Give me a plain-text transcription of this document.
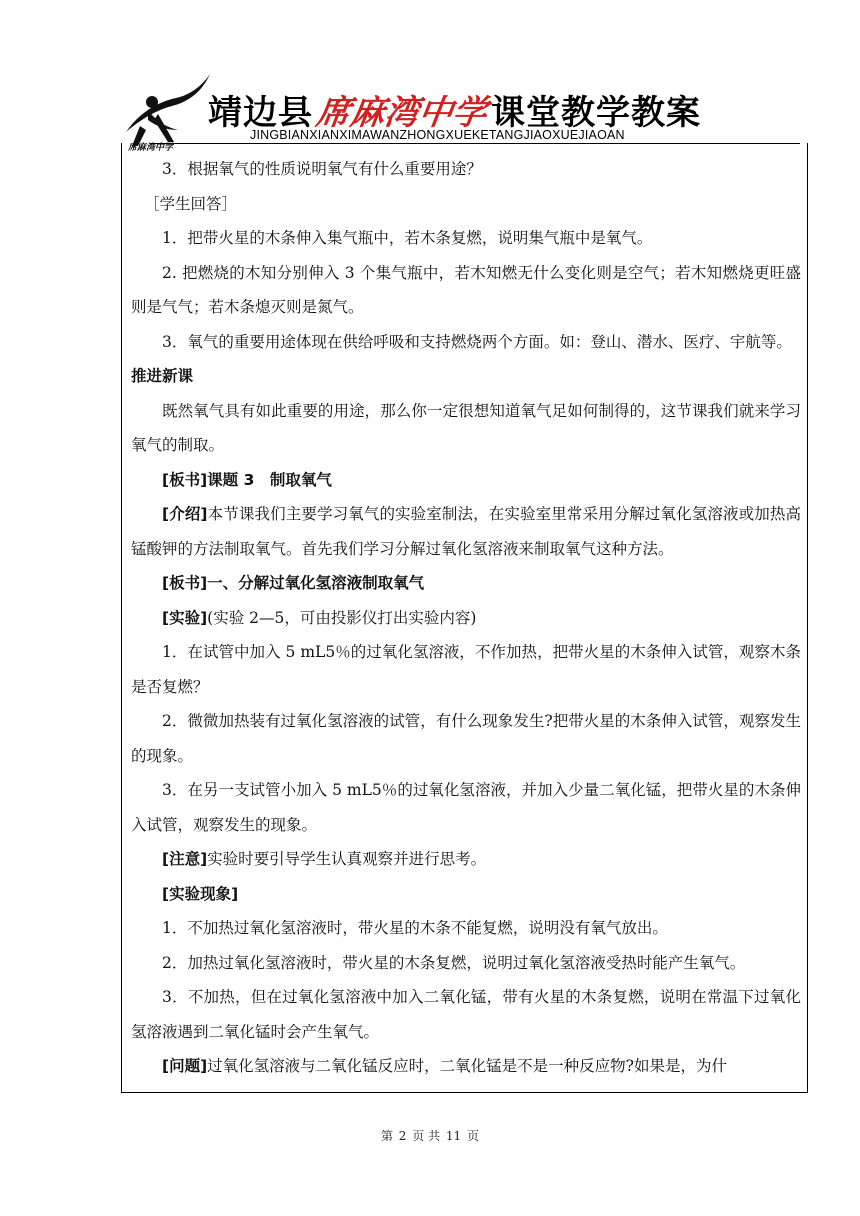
席麻湾中学
靖边县 席麻湾中学 课堂教学教案
JINGBIANXIANXIMAWANZHONGXUEKETANGJIAOXUEJIAOAN

3．根据氧气的性质说明氧气有什么重要用途？

［学生回答］

1．把带火星的木条伸入集气瓶中，若木条复燃，说明集气瓶中是氧气。

2. 把燃烧的木知分别伸入 3 个集气瓶中，若木知燃无什么变化则是空气；若木知燃烧更旺盛则是气气；若木条熄灭则是氮气。

3．氧气的重要用途体现在供给呼吸和支持燃烧两个方面。如：登山、潜水、医疗、宇航等。

推进新课

既然氧气具有如此重要的用途，那么你一定很想知道氧气足如何制得的，这节课我们就来学习氧气的制取。

[板书]课题 3　制取氧气

[介绍]本节课我们主要学习氧气的实验室制法，在实验室里常采用分解过氧化氢溶液或加热高锰酸钾的方法制取氧气。首先我们学习分解过氧化氢溶液来制取氧气这种方法。

[板书]一、分解过氧化氢溶液制取氧气

[实验](实验 2—5，可由投影仪打出实验内容)

1．在试管中加入 5 mL5％的过氧化氢溶液，不作加热，把带火星的木条伸入试管，观察木条是否复燃？

2．微微加热装有过氧化氢溶液的试管，有什么现象发生?把带火星的木条伸入试管，观察发生的现象。

3．在另一支试管小加入 5 mL5％的过氧化氢溶液，并加入少量二氧化锰，把带火星的木条伸入试管，观察发生的现象。

[注意]实验时要引导学生认真观察并进行思考。

[实验现象]

1．不加热过氧化氢溶液时，带火星的木条不能复燃，说明没有氧气放出。

2．加热过氧化氢溶液时，带火星的木条复燃，说明过氧化氢溶液受热时能产生氧气。

3．不加热，但在过氧化氢溶液中加入二氧化锰，带有火星的木条复燃，说明在常温下过氧化氢溶液遇到二氧化锰时会产生氧气。

[问题]过氧化氢溶液与二氧化锰反应时，二氧化锰是不是一种反应物?如果是，为什

第 2 页 共 11 页
